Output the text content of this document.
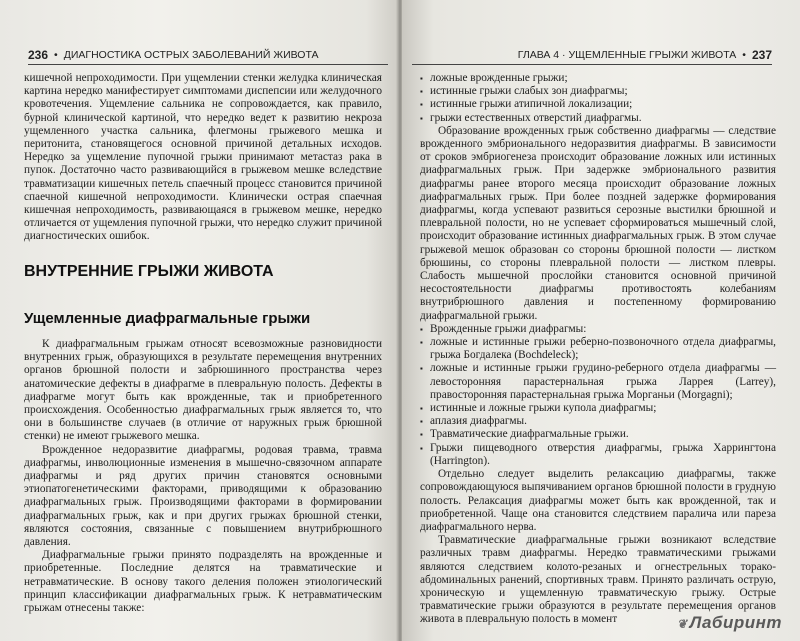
236 • ДИАГНОСТИКА ОСТРЫХ ЗАБОЛЕВАНИЙ ЖИВОТА

кишечной непроходимости. При ущемлении стенки желудка клиническая картина нередко манифестирует симптомами диспепсии или желудочного кровотечения. Ущемление сальника не сопровождается, как правило, бурной клинической картиной, что нередко ведет к развитию некроза ущемленного участка сальника, флегмоны грыжевого мешка и перитонита, становящегося основной причиной детальных исходов. Нередко за ущемление пупочной грыжи принимают метастаз рака в пупок. Достаточно часто развивающийся в грыжевом мешке вследствие травматизации кишечных петель спаечный процесс становится причиной спаечной кишечной непроходимости. Клинически острая спаечная кишечная непроходимость, развивающаяся в грыжевом мешке, нередко отличается от ущемления пупочной грыжи, что нередко служит причиной диагностических ошибок.

ВНУТРЕННИЕ ГРЫЖИ ЖИВОТА

Ущемленные диафрагмальные грыжи

К диафрагмальным грыжам относят всевозможные разновидности внутренних грыж, образующихся в результате перемещения внутренних органов брюшной полости и забрюшинного пространства через анатомические дефекты в диафрагме в плевральную полость. Дефекты в диафрагме могут быть как врожденные, так и приобретенного происхождения. Особенностью диафрагмальных грыж является то, что они в большинстве случаев (в отличие от наружных грыж брюшной стенки) не имеют грыжевого мешка.

Врожденное недоразвитие диафрагмы, родовая травма, травма диафрагмы, инволюционные изменения в мышечно-связочном аппарате диафрагмы и ряд других причин становятся основными этиопатогенетическими факторами, приводящими к образованию диафрагмальных грыж. Производящими факторами в формировании диафрагмальных грыж, как и при других грыжах брюшной стенки, являются состояния, связанные с повышением внутрибрюшного давления.

Диафрагмальные грыжи принято подразделять на врожденные и приобретенные. Последние делятся на травматические и нетравматические. В основу такого деления положен этиологический принцип классификации диафрагмальных грыж. К нетравматическим грыжам отнесены также:

ГЛАВА 4 · УЩЕМЛЕННЫЕ ГРЫЖИ ЖИВОТА • 237
▪ ложные врожденные грыжи;
▪ истинные грыжи слабых зон диафрагмы;
▪ истинные грыжи атипичной локализации;
▪ грыжи естественных отверстий диафрагмы.

Образование врожденных грыж собственно диафрагмы — следствие врожденного эмбрионального недоразвития диафрагмы. В зависимости от сроков эмбриогенеза происходит образование ложных или истинных диафрагмальных грыж. При задержке эмбрионального развития диафрагмы ранее второго месяца происходит образование ложных диафрагмальных грыж. При более поздней задержке формирования диафрагмы, когда успевают развиться серозные выстилки брюшной и плевральной полости, но не успевает сформироваться мышечный слой, происходит образование истинных диафрагмальных грыж. В этом случае грыжевой мешок образован со стороны брюшной полости — листком брюшины, со стороны плевральной полости — листком плевры. Слабость мышечной прослойки становится основной причиной несостоятельности диафрагмы противостоять колебаниям внутрибрюшного давления и постепенному формированию диафрагмальной грыжи.

▪ Врожденные грыжи диафрагмы:
▪ ложные и истинные грыжи реберно-позвоночного отдела диафрагмы, грыжа Богдалека (Bochdeleck);
▪ ложные и истинные грыжи грудино-реберного отдела диафрагмы — левосторонняя парастернальная грыжа Ларрея (Larrey), правосторонняя парастернальная грыжа Морганьи (Morgagni);
▪ истинные и ложные грыжи купола диафрагмы;
▪ аплазия диафрагмы.
▪ Травматические диафрагмальные грыжи.
▪ Грыжи пищеводного отверстия диафрагмы, грыжа Харрингтона (Harrington).

Отдельно следует выделить релаксацию диафрагмы, также сопровождающуюся выпячиванием органов брюшной полости в грудную полость. Релаксация диафрагмы может быть как врожденной, так и приобретенной. Чаще она становится следствием паралича или пареза диафрагмального нерва.

Травматические диафрагмальные грыжи возникают вследствие различных травм диафрагмы. Нередко травматическими грыжами являются следствием колото-резаных и огнестрельных торако-абдоминальных ранений, спортивных травм. Принято различать острую, хроническую и ущемленную травматическую грыжу. Острые травматические грыжи образуются в результате перемещения органов живота в плевральную полость в момент	❦ Лабиринт
